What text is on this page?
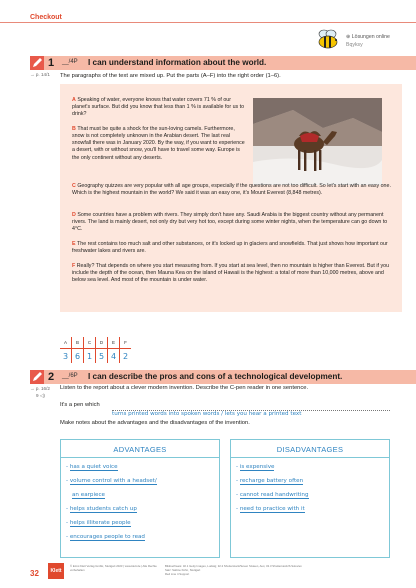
Checkout
⊕ Lösungen online
Bqyksy
1 __/4P I can understand information about the world.
→ p. 14/1 The paragraphs of the text are mixed up. Put the parts (A–F) into the right order (1–6).
A Speaking of water, everyone knows that water covers 71 % of our planet's surface. But did you know that less than 1 % is available for us to drink?
B That must be quite a shock for the sun-loving camels. Furthermore, snow is not completely unknown in the Arabian desert. The last real snowfall there was in January 2020. By the way, if you want to experience a desert, with or without snow, you'll have to travel some way. Europe is the only continent without any deserts.
C Geography quizzes are very popular with all age groups, especially if the questions are not too difficult. So let's start with an easy one. Which is the highest mountain in the world? We said it was an easy one, it's Mount Everest (8,848 metres).
D Some countries have a problem with rivers. They simply don't have any. Saudi Arabia is the biggest country without any permanent rivers. The land is mainly desert, not only dry but very hot too, except during some winter nights, when the temperature can go down to 4°C.
E The rest contains too much salt and other substances, or it's locked up in glaciers and snowfields. That just shows how important our freshwater lakes and rivers are.
F Really? That depends on where you start measuring from. If you start at sea level, then no mountain is higher than Everest. But if you include the depth of the ocean, then Mauna Kea on the island of Hawaii is the highest: a total of more than 10,000 metres, above and below sea level. And most of the mountain is under water.
A	B	C	D	E	F
3	6	1	5	4	2
2 __/6P I can describe the pros and cons of a technological development.
→ p. 16/2
9 ◁)
Listen to the report about a clever modern invention. Describe the C-pen reader in one sentence.
It's a pen which
turns printed words into spoken words / lets you hear a printed text
Make notes about the advantages and the disadvantages of the invention.
ADVANTAGES
- has a quiet voice
- volume control with a headset/
an earpiece
- helps students catch up
- helps illiterate people
- encourages people to read
DISADVANTAGES
- is expensive
- recharge battery often
- cannot read handwriting
- need to practice with it
32	Klett
© Ernst Klett Verlag GmbH, Stuttgart 2023 | www.klett.de | Alle Rechte vorbehalten
Bildnachweis: 32.1 Getty Images, Ludwig; 32.2 Shutterstock/Seven Sixteen, Aus; 32.3 Shutterstock/S.Soloviev
Satz: Sabine Kühn, Stuttgart
Red Line 4 Support
